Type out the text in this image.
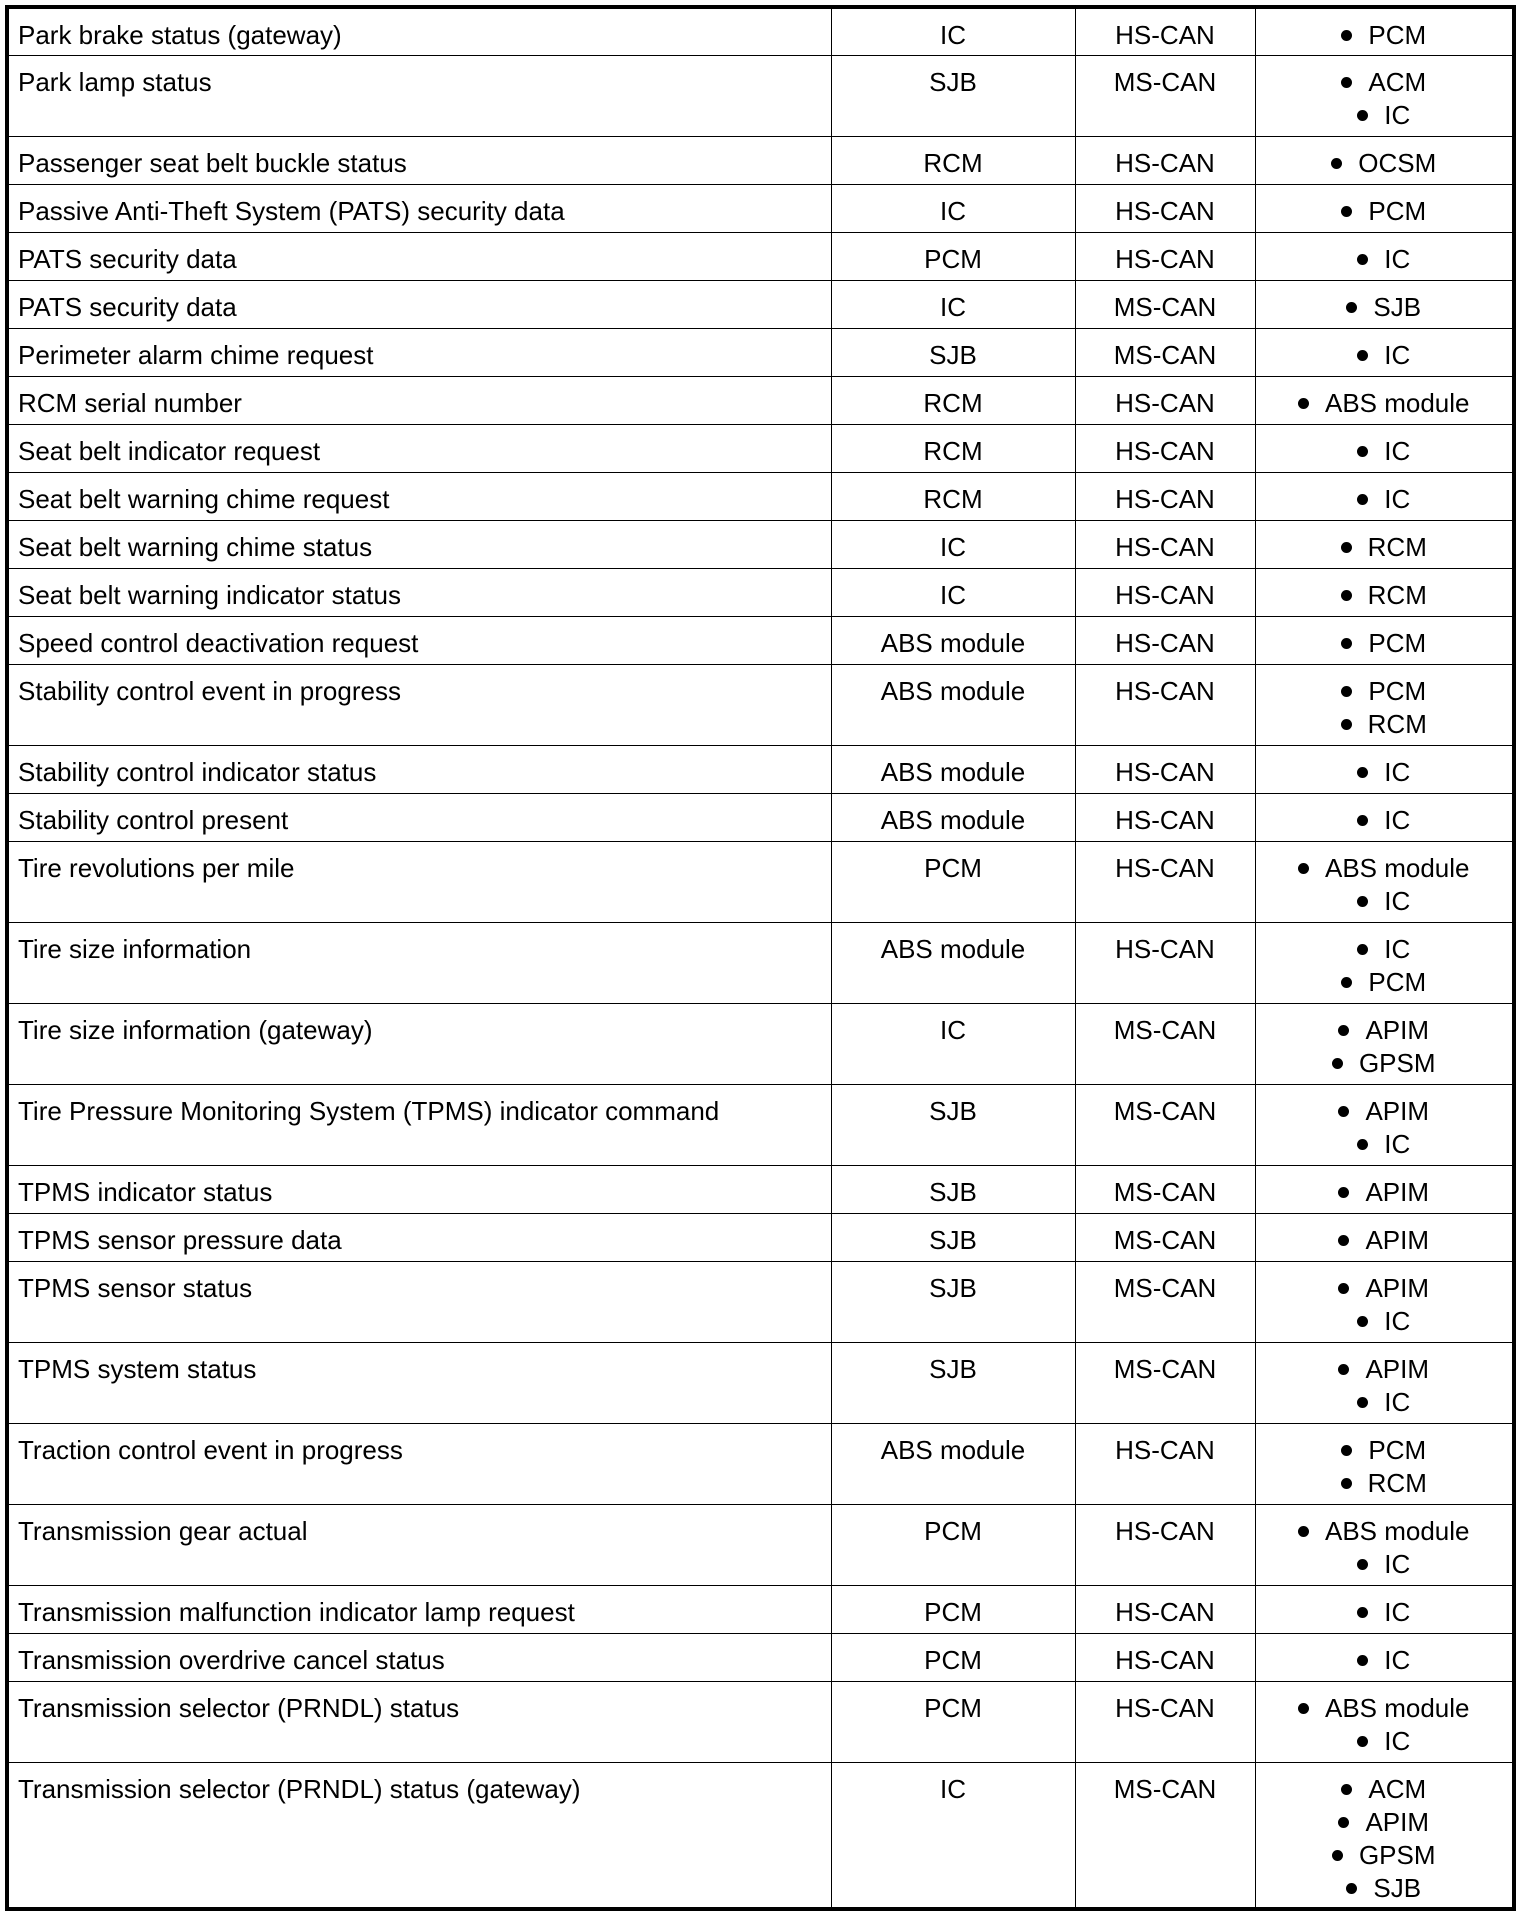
Park brake status (gateway)	IC	HS-CAN	PCM

Park lamp status	SJB	MS-CAN	ACM
IC

Passenger seat belt buckle status	RCM	HS-CAN	OCSM

Passive Anti-Theft System (PATS) security data	IC	HS-CAN	PCM

PATS security data	PCM	HS-CAN	IC

PATS security data	IC	MS-CAN	SJB

Perimeter alarm chime request	SJB	MS-CAN	IC

RCM serial number	RCM	HS-CAN	ABS module

Seat belt indicator request	RCM	HS-CAN	IC

Seat belt warning chime request	RCM	HS-CAN	IC

Seat belt warning chime status	IC	HS-CAN	RCM

Seat belt warning indicator status	IC	HS-CAN	RCM

Speed control deactivation request	ABS module	HS-CAN	PCM

Stability control event in progress	ABS module	HS-CAN	PCM
RCM

Stability control indicator status	ABS module	HS-CAN	IC

Stability control present	ABS module	HS-CAN	IC

Tire revolutions per mile	PCM	HS-CAN	ABS module
IC

Tire size information	ABS module	HS-CAN	IC
PCM

Tire size information (gateway)	IC	MS-CAN	APIM
GPSM

Tire Pressure Monitoring System (TPMS) indicator command	SJB	MS-CAN	APIM
IC

TPMS indicator status	SJB	MS-CAN	APIM

TPMS sensor pressure data	SJB	MS-CAN	APIM

TPMS sensor status	SJB	MS-CAN	APIM
IC

TPMS system status	SJB	MS-CAN	APIM
IC

Traction control event in progress	ABS module	HS-CAN	PCM
RCM

Transmission gear actual	PCM	HS-CAN	ABS module
IC

Transmission malfunction indicator lamp request	PCM	HS-CAN	IC

Transmission overdrive cancel status	PCM	HS-CAN	IC

Transmission selector (PRNDL) status	PCM	HS-CAN	ABS module
IC

Transmission selector (PRNDL) status (gateway)	IC	MS-CAN	ACM
APIM
GPSM
SJB
